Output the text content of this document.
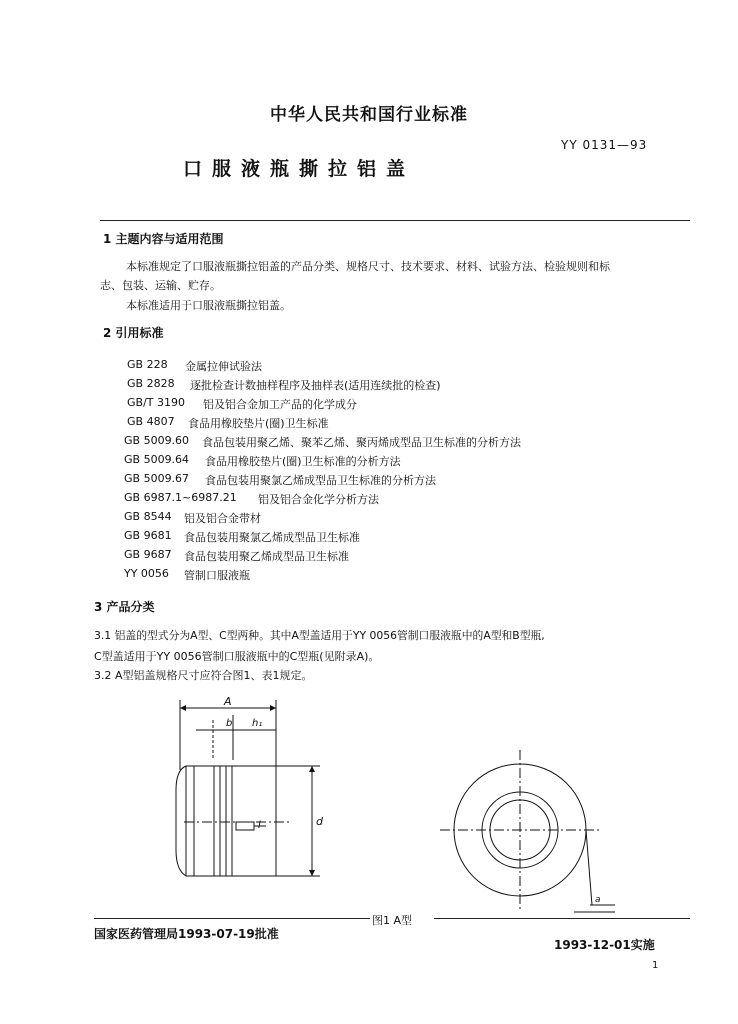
中华人民共和国行业标准
YY 0131—93
口服液瓶撕拉铝盖
1 主题内容与适用范围
本标准规定了口服液瓶撕拉铝盖的产品分类、规格尺寸、技术要求、材料、试验方法、检验规则和标
志、包装、运输、贮存。
本标准适用于口服液瓶撕拉铝盖。
2 引用标准
GB 228 金属拉伸试验法
GB 2828 逐批检查计数抽样程序及抽样表(适用连续批的检查)
GB/T 3190 铝及铝合金加工产品的化学成分
GB 4807 食品用橡胶垫片(圈)卫生标准
GB 5009.60 食品包装用聚乙烯、聚苯乙烯、聚丙烯成型品卫生标准的分析方法
GB 5009.64 食品用橡胶垫片(圈)卫生标准的分析方法
GB 5009.67 食品包装用聚氯乙烯成型品卫生标准的分析方法
GB 6987.1~6987.21 铝及铝合金化学分析方法
GB 8544 铝及铝合金带材
GB 9681 食品包装用聚氯乙烯成型品卫生标准
GB 9687 食品包装用聚乙烯成型品卫生标准
YY 0056 管制口服液瓶
3 产品分类
3.1 铝盖的型式分为A型、C型两种。其中A型盖适用于YY 0056管制口服液瓶中的A型和B型瓶,
C型盖适用于YY 0056管制口服液瓶中的C型瓶(见附录A)。
3.2 A型铝盖规格尺寸应符合图1、表1规定。
A
b h₁
d
l
a
图1 A型
国家医药管理局1993-07-19批准
1993-12-01实施
1
